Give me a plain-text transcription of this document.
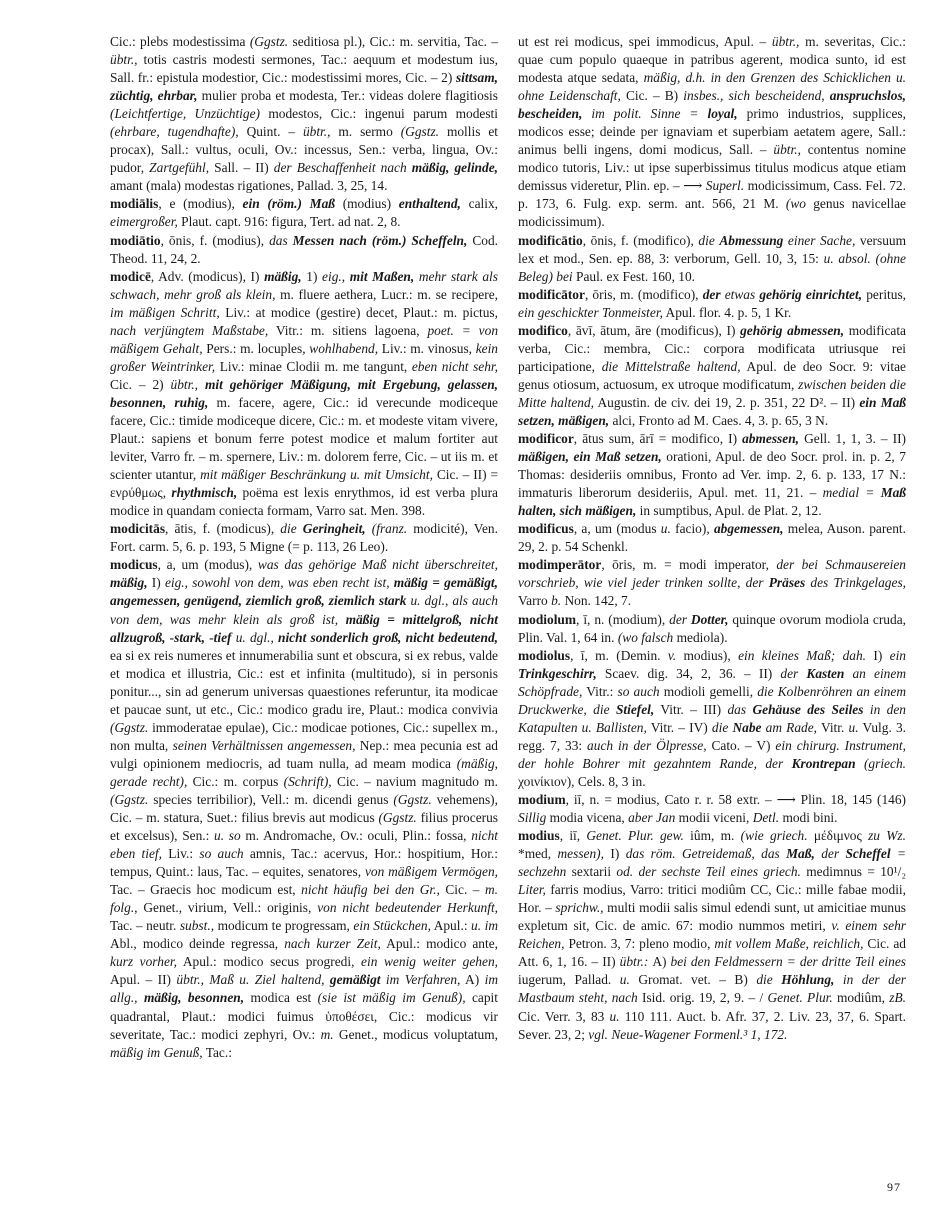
Cic.: plebs modestissima (Ggstz. seditiosa pl.), Cic.: m. servitia, Tac. – übtr., totis castris modesti sermones, Tac.: aequum et modestum ius, Sall. fr.: epistula modestior, Cic.: modestissimi mores, Cic. – 2) sittsam, züchtig, ehrbar, mulier proba et modesta, Ter.: videas dolere flagitiosis (Leichtfertige, Unzüchtige) modestos, Cic.: ingenui parum modesti (ehrbare, tugendhafte), Quint. – übtr., m. sermo (Ggstz. mollis et procax), Sall.: vultus, oculi, Ov.: incessus, Sen.: verba, lingua, Ov.: pudor, Zartgefühl, Sall. – II) der Beschaffenheit nach mäßig, gelinde, amant (mala) modestas rigationes, Pallad. 3, 25, 14.

modiālis, e (modius), ein (röm.) Maß (modius) enthaltend, calix, eimergroßer, Plaut. capt. 916: figura, Tert. ad nat. 2, 8.

modiātio, ōnis, f. (modius), das Messen nach (röm.) Scheffeln, Cod. Theod. 11, 24, 2.

modicē, Adv. (modicus), I) mäßig, 1) eig., mit Maßen, mehr stark als schwach, mehr groß als klein, m. fluere aethera, Lucr.: m. se recipere, im mäßigen Schritt, Liv.: at modice (gestire) decet, Plaut.: m. pictus, nach verjüngtem Maßstabe, Vitr.: m. sitiens lagoena, poet. = von mäßigem Gehalt, Pers.: m. locuples, wohlhabend, Liv.: m. vinosus, kein großer Weintrinker, Liv.: minae Clodii m. me tangunt, eben nicht sehr, Cic. – 2) übtr., mit gehöriger Mäßigung, mit Ergebung, gelassen, besonnen, ruhig, m. facere, agere, Cic.: id verecunde modiceque facere, Cic.: timide modiceque dicere, Cic.: m. et modeste vitam vivere, Plaut.: sapiens et bonum ferre potest modice et malum fortiter aut leviter, Varro fr. – m. spernere, Liv.: m. dolorem ferre, Cic. – ut iis m. et scienter utantur, mit mäßiger Beschränkung u. mit Umsicht, Cic. – II) = ενρύθμως, rhythmisch, poëma est lexis enrythmos, id est verba plura modice in quandam coniecta formam, Varro sat. Men. 398.

modicitās, ātis, f. (modicus), die Geringheit, (franz. modicité), Ven. Fort. carm. 5, 6. p. 193, 5 Migne (= p. 113, 26 Leo).

modicus, a, um (modus), was das gehörige Maß nicht überschreitet, mäßig, I) eig., sowohl von dem, was eben recht ist, mäßig = gemäßigt, angemessen, genügend, ziemlich groß, ziemlich stark u. dgl., als auch von dem, was mehr klein als groß ist, mäßig = mittelgroß, nicht allzugroß, -stark, -tief u. dgl., nicht sonderlich groß, nicht bedeutend, ea si ex reis numeres et innumerabilia sunt et obscura, si ex rebus, valde et modica et illustria, Cic.: est et infinita (multitudo), si in personis ponitur..., sin ad generum universas quaestiones referuntur, ita modicae et paucae sunt, ut etc., Cic.: modico gradu ire, Plaut.: modica convivia (Ggstz. immoderatae epulae), Cic.: modicae potiones, Cic.: supellex m., non multa, seinen Verhältnissen angemessen, Nep.: mea pecunia est ad vulgi opinionem mediocris, ad tuam nulla, ad meam modica (mäßig, gerade recht), Cic.: m. corpus (Schrift), Cic. – navium magnitudo m. (Ggstz. species terribilior), Vell.: m. dicendi genus (Ggstz. vehemens), Cic. – m. statura, Suet.: filius brevis aut modicus (Ggstz. filius procerus et excelsus), Sen.: u. so m. Andromache, Ov.: oculi, Plin.: fossa, nicht eben tief, Liv.: so auch amnis, Tac.: acervus, Hor.: hospitium, Hor.: tempus, Quint.: laus, Tac. – equites, senatores, von mäßigem Vermögen, Tac. – Graecis hoc modicum est, nicht häufig bei den Gr., Cic. – m. folg., Genet., virium, Vell.: originis, von nicht bedeutender Herkunft, Tac. – neutr. subst., modicum te progressam, ein Stückchen, Apul.: u. im Abl., modico deinde regressa, nach kurzer Zeit, Apul.: modico ante, kurz vorher, Apul.: modico secus progredi, ein wenig weiter gehen, Apul. – II) übtr., Maß u. Ziel haltend, gemäßigt im Verfahren, A) im allg., mäßig, besonnen, modica est (sie ist mäßig im Genuß), capit quadrantal, Plaut.: modici fuimus ὑποθέσει, Cic.: modicus vir severitate, Tac.: modici zephyri, Ov.: m. Genet., modicus voluptatum, mäßig im Genuß, Tac.:

ut est rei modicus, spei immodicus, Apul. – übtr., m. severitas, Cic.: quae cum populo quaeque in patribus agerent, modica sunto, id est modesta atque sedata, mäßig, d.h. in den Grenzen des Schicklichen u. ohne Leidenschaft, Cic. – B) insbes., sich bescheidend, anspruchslos, bescheiden, im polit. Sinne = loyal, primo industrios, supplices, modicos esse; deinde per ignaviam et superbiam aetatem agere, Sall.: animus belli ingens, domi modicus, Sall. – übtr., contentus nomine modico tutoris, Liv.: ut ipse superbissimus titulus modicus atque etiam demissus videretur, Plin. ep. – ⟶ Superl. modicissimum, Cass. Fel. 72. p. 173, 6. Fulg. exp. serm. ant. 566, 21 M. (wo genus navicellae modicissimum).

modificātio, ōnis, f. (modifico), die Abmessung einer Sache, versuum lex et mod., Sen. ep. 88, 3: verborum, Gell. 10, 3, 15: u. absol. (ohne Beleg) bei Paul. ex Fest. 160, 10.

modificātor, ōris, m. (modifico), der etwas gehörig einrichtet, peritus, ein geschickter Tonmeister, Apul. flor. 4. p. 5, 1 Kr.

modifico, āvī, ātum, āre (modificus), I) gehörig abmessen, modificata verba, Cic.: membra, Cic.: corpora modificata utriusque rei participatione, die Mittelstraße haltend, Apul. de deo Socr. 9: vitae genus otiosum, actuosum, ex utroque modificatum, zwischen beiden die Mitte haltend, Augustin. de civ. dei 19, 2. p. 351, 22 D². – II) ein Maß setzen, mäßigen, alci, Fronto ad M. Caes. 4, 3. p. 65, 3 N.

modificor, ātus sum, ārī = modifico, I) abmessen, Gell. 1, 1, 3. – II) mäßigen, ein Maß setzen, orationi, Apul. de deo Socr. prol. in. p. 2, 7 Thomas: desideriis omnibus, Fronto ad Ver. imp. 2, 6. p. 133, 17 N.: immaturis liberorum desideriis, Apul. met. 11, 21. – medial = Maß halten, sich mäßigen, in sumptibus, Apul. de Plat. 2, 12.

modificus, a, um (modus u. facio), abgemessen, melea, Auson. parent. 29, 2. p. 54 Schenkl.

modimperātor, ōris, m. = modi imperator, der bei Schmausereien vorschrieb, wie viel jeder trinken sollte, der Präses des Trinkgelages, Varro b. Non. 142, 7.

modiolum, ī, n. (modium), der Dotter, quinque ovorum modiola cruda, Plin. Val. 1, 64 in. (wo falsch mediola).

modiolus, ī, m. (Demin. v. modius), ein kleines Maß; dah. I) ein Trinkgeschirr, Scaev. dig. 34, 2, 36. – II) der Kasten an einem Schöpfrade, Vitr.: so auch modioli gemelli, die Kolbenröhren an einem Druckwerke, die Stiefel, Vitr. – III) das Gehäuse des Seiles in den Katapulten u. Ballisten, Vitr. – IV) die Nabe am Rade, Vitr. u. Vulg. 3. regg. 7, 33: auch in der Ölpresse, Cato. – V) ein chirurg. Instrument, der hohle Bohrer mit gezahntem Rande, der Krontrepan (griech. χοινίκιον), Cels. 8, 3 in.

modium, iī, n. = modius, Cato r. r. 58 extr. – ⟶ Plin. 18, 145 (146) Sillig modia vicena, aber Jan modii viceni, Detl. modi bini.

modius, iī, Genet. Plur. gew. iûm, m. (wie griech. μέδιμνος zu Wz. *med, messen), I) das röm. Getreidemaß, das Maß, der Scheffel = sechzehn sextarii od. der sechste Teil eines griech. medimnus = 10¹/₂ Liter, farris modius, Varro: tritici modiûm CC, Cic.: mille fabae modii, Hor. – sprichw., multi modii salis simul edendi sunt, ut amicitiae munus expletum sit, Cic. de amic. 67: modio nummos metiri, v. einem sehr Reichen, Petron. 3, 7: pleno modio, mit vollem Maße, reichlich, Cic. ad Att. 6, 1, 16. – II) übtr.: A) bei den Feldmessern = der dritte Teil eines iugerum, Pallad. u. Gromat. vet. – B) die Höhlung, in der der Mastbaum steht, nach Isid. orig. 19, 2, 9. – / Genet. Plur. modiûm, zB. Cic. Verr. 3, 83 u. 110 111. Auct. b. Afr. 37, 2. Liv. 23, 37, 6. Spart. Sever. 23, 2; vgl. Neue-Wagener Formenl.³ 1, 172.

97
